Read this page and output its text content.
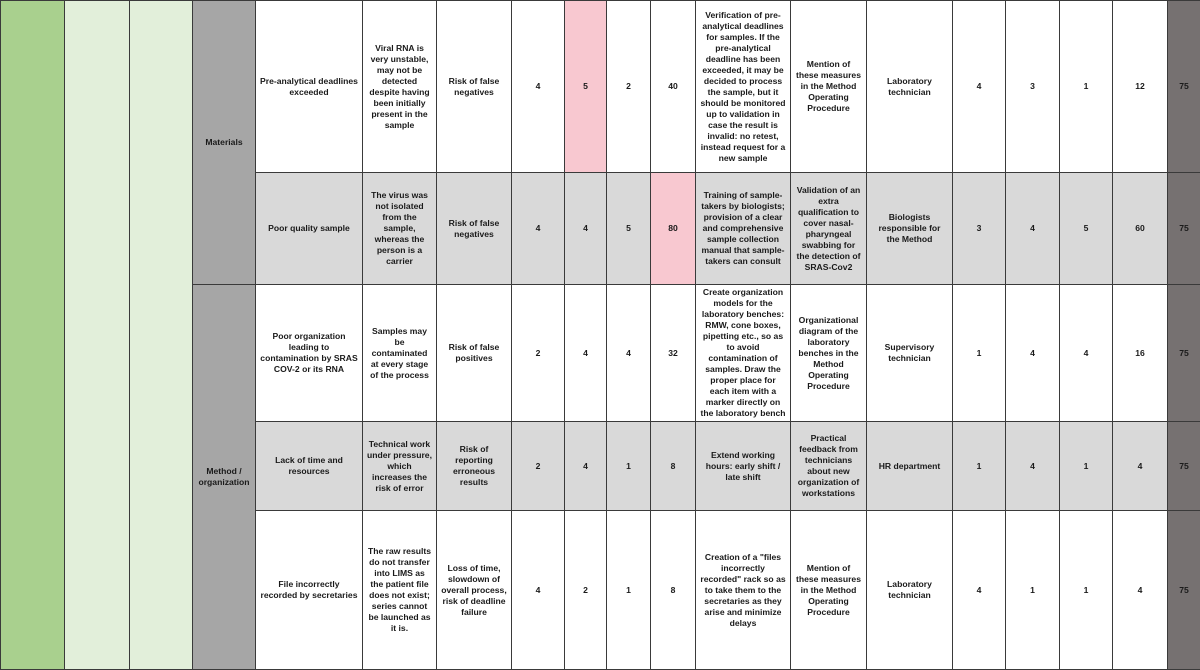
			Materials	Pre-analytical deadlines exceeded	Viral RNA is very unstable, may not be detected despite having been initially present in the sample	Risk of false negatives	4	5	2	40	Verification of pre-analytical deadlines for samples. If the pre-analytical deadline has been exceeded, it may be decided to process the sample, but it should be monitored up to validation in case the result is invalid: no retest, instead request for a new sample	Mention of these measures in the Method Operating Procedure	Laboratory technician	4	3	1	12	75
				Poor quality sample	The virus was not isolated from the sample, whereas the person is a carrier	Risk of false negatives	4	4	5	80	Training of sample-takers by biologists; provision of a clear and comprehensive sample collection manual that sample-takers can consult	Validation of an extra qualification to cover nasal-pharyngeal swabbing for the detection of SRAS-Cov2	Biologists responsible for the Method	3	4	5	60	75
			Method / organization	Poor organization leading to contamination by SRAS COV-2 or its RNA	Samples may be contaminated at every stage of the process	Risk of false positives	2	4	4	32	Create organization models for the laboratory benches: RMW, cone boxes, pipetting etc., so as to avoid contamination of samples. Draw the proper place for each item with a marker directly on the laboratory bench	Organizational diagram of the laboratory benches in the Method Operating Procedure	Supervisory technician	1	4	4	16	75
				Lack of time and resources	Technical work under pressure, which increases the risk of error	Risk of reporting erroneous results	2	4	1	8	Extend working hours: early shift / late shift	Practical feedback from technicians about new organization of workstations	HR department	1	4	1	4	75
				File incorrectly recorded by secretaries	The raw results do not transfer into LIMS as the patient file does not exist; series cannot be launched as it is.	Loss of time, slowdown of overall process, risk of deadline failure	4	2	1	8	Creation of a "files incorrectly recorded" rack so as to take them to the secretaries as they arise and minimize delays	Mention of these measures in the Method Operating Procedure	Laboratory technician	4	1	1	4	75
